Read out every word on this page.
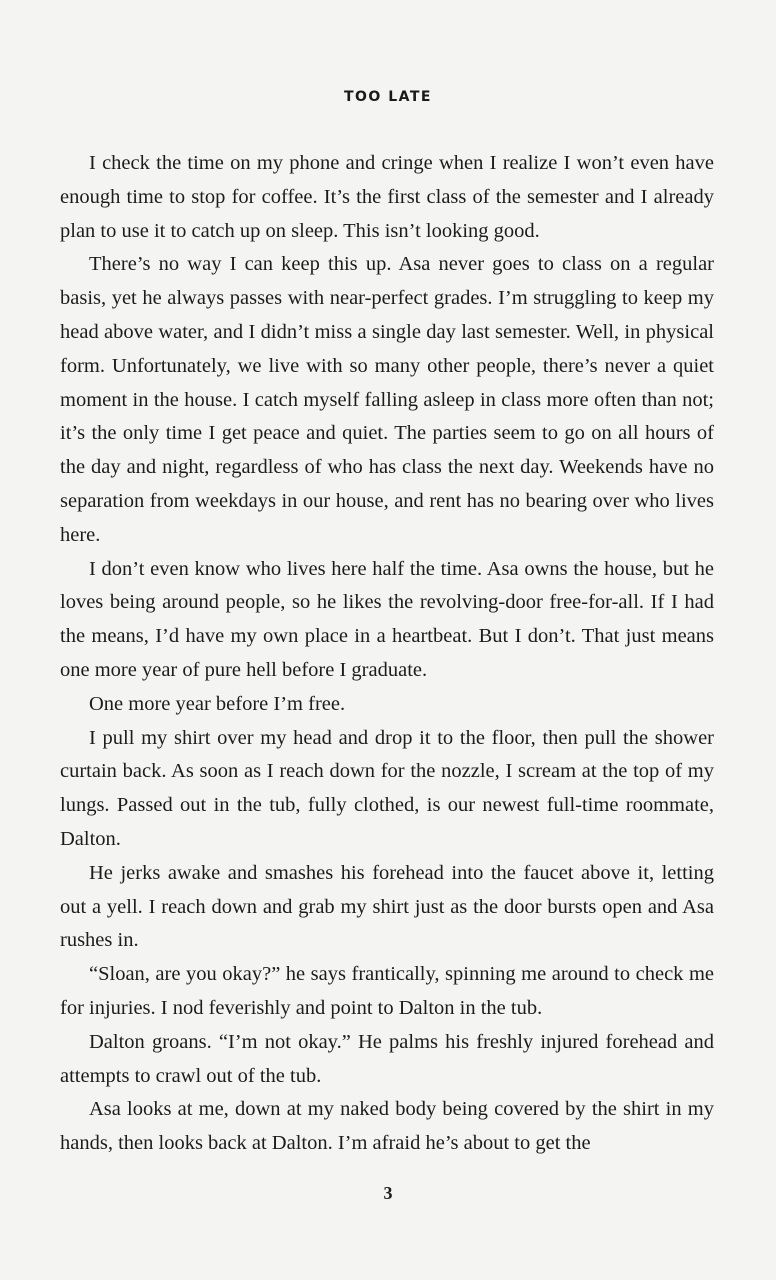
TOO LATE

I check the time on my phone and cringe when I realize I won’t even have enough time to stop for coffee. It’s the first class of the semester and I already plan to use it to catch up on sleep. This isn’t looking good.

There’s no way I can keep this up. Asa never goes to class on a regular basis, yet he always passes with near-perfect grades. I’m struggling to keep my head above water, and I didn’t miss a single day last semester. Well, in physical form. Unfortunately, we live with so many other people, there’s never a quiet moment in the house. I catch myself falling asleep in class more often than not; it’s the only time I get peace and quiet. The parties seem to go on all hours of the day and night, regardless of who has class the next day. Weekends have no separation from weekdays in our house, and rent has no bearing over who lives here.

I don’t even know who lives here half the time. Asa owns the house, but he loves being around people, so he likes the revolving-door free-for-all. If I had the means, I’d have my own place in a heartbeat. But I don’t. That just means one more year of pure hell before I graduate.

One more year before I’m free.

I pull my shirt over my head and drop it to the floor, then pull the shower curtain back. As soon as I reach down for the nozzle, I scream at the top of my lungs. Passed out in the tub, fully clothed, is our newest full-time roommate, Dalton.

He jerks awake and smashes his forehead into the faucet above it, letting out a yell. I reach down and grab my shirt just as the door bursts open and Asa rushes in.

“Sloan, are you okay?” he says frantically, spinning me around to check me for injuries. I nod feverishly and point to Dalton in the tub.

Dalton groans. “I’m not okay.” He palms his freshly injured forehead and attempts to crawl out of the tub.

Asa looks at me, down at my naked body being covered by the shirt in my hands, then looks back at Dalton. I’m afraid he’s about to get the

3
